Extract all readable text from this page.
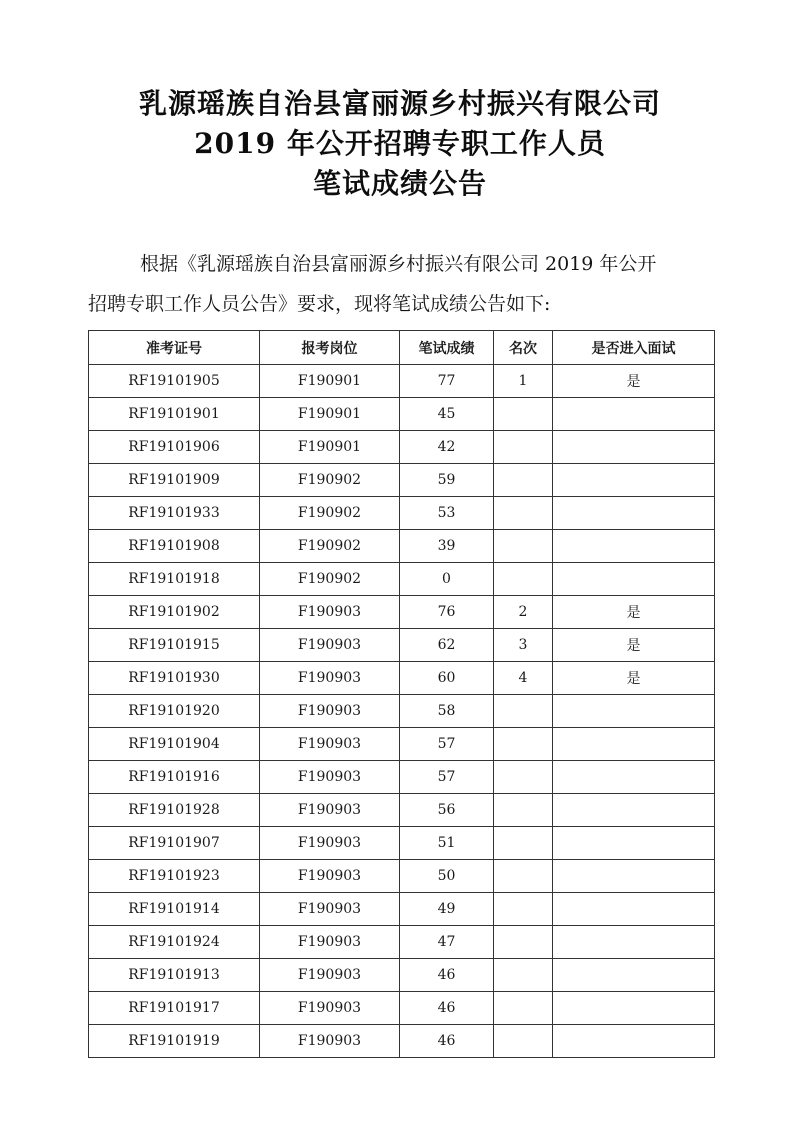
乳源瑶族自治县富丽源乡村振兴有限公司
2019 年公开招聘专职工作人员
笔试成绩公告

根据《乳源瑶族自治县富丽源乡村振兴有限公司 2019 年公开

招聘专职工作人员公告》要求，现将笔试成绩公告如下:

准考证号	报考岗位	笔试成绩	名次	是否进入面试
RF19101905	F190901	77	1	是
RF19101901	F190901	45		
RF19101906	F190901	42		
RF19101909	F190902	59		
RF19101933	F190902	53		
RF19101908	F190902	39		
RF19101918	F190902	0		
RF19101902	F190903	76	2	是
RF19101915	F190903	62	3	是
RF19101930	F190903	60	4	是
RF19101920	F190903	58		
RF19101904	F190903	57		
RF19101916	F190903	57		
RF19101928	F190903	56		
RF19101907	F190903	51		
RF19101923	F190903	50		
RF19101914	F190903	49		
RF19101924	F190903	47		
RF19101913	F190903	46		
RF19101917	F190903	46		
RF19101919	F190903	46		
